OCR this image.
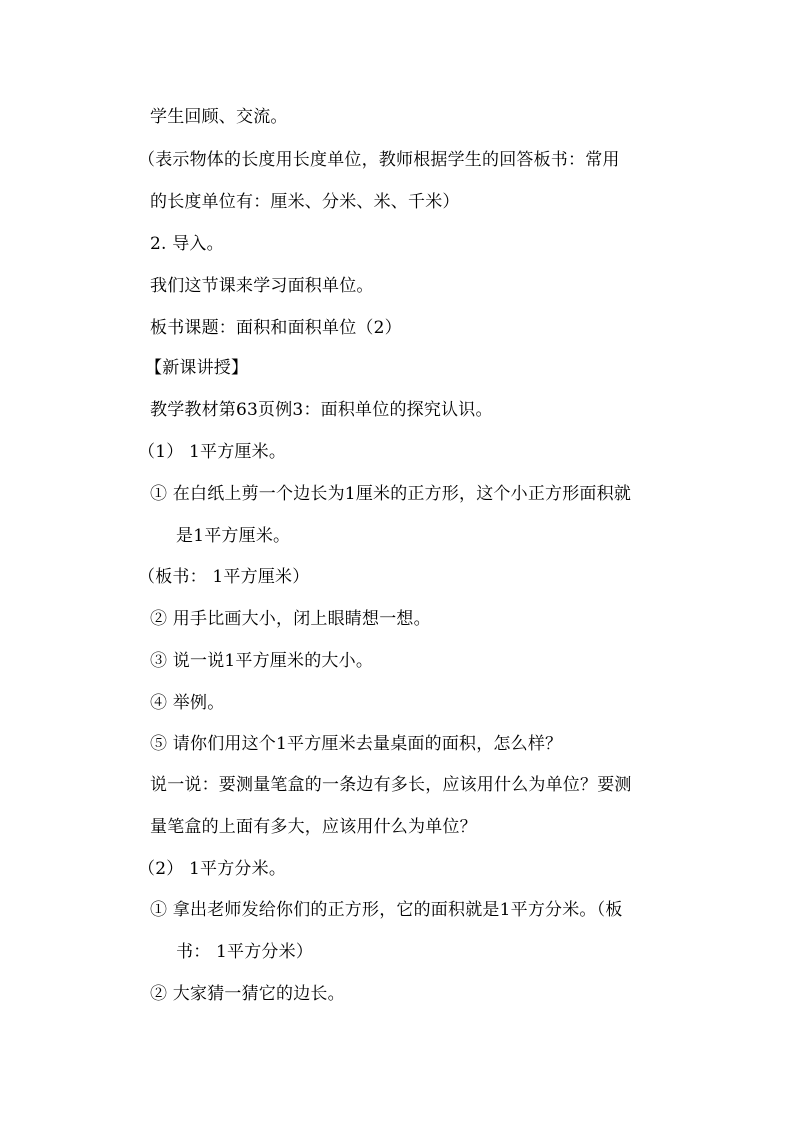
学生回顾、交流。
（表示物体的长度用长度单位，教师根据学生的回答板书：常用
的长度单位有：厘米、分米、米、千米）
2. 导入。
我们这节课来学习面积单位。
板书课题：面积和面积单位（2）
【新课讲授】
教学教材第63页例3：面积单位的探究认识。
（1） 1平方厘米。
① 在白纸上剪一个边长为1厘米的正方形，这个小正方形面积就
是1平方厘米。
（板书： 1平方厘米）
② 用手比画大小，闭上眼睛想一想。
③ 说一说1平方厘米的大小。
④ 举例。
⑤ 请你们用这个1平方厘米去量桌面的面积，怎么样？
说一说：要测量笔盒的一条边有多长，应该用什么为单位？要测
量笔盒的上面有多大，应该用什么为单位？
（2） 1平方分米。
① 拿出老师发给你们的正方形，它的面积就是1平方分米。（板
书： 1平方分米）
② 大家猜一猜它的边长。
